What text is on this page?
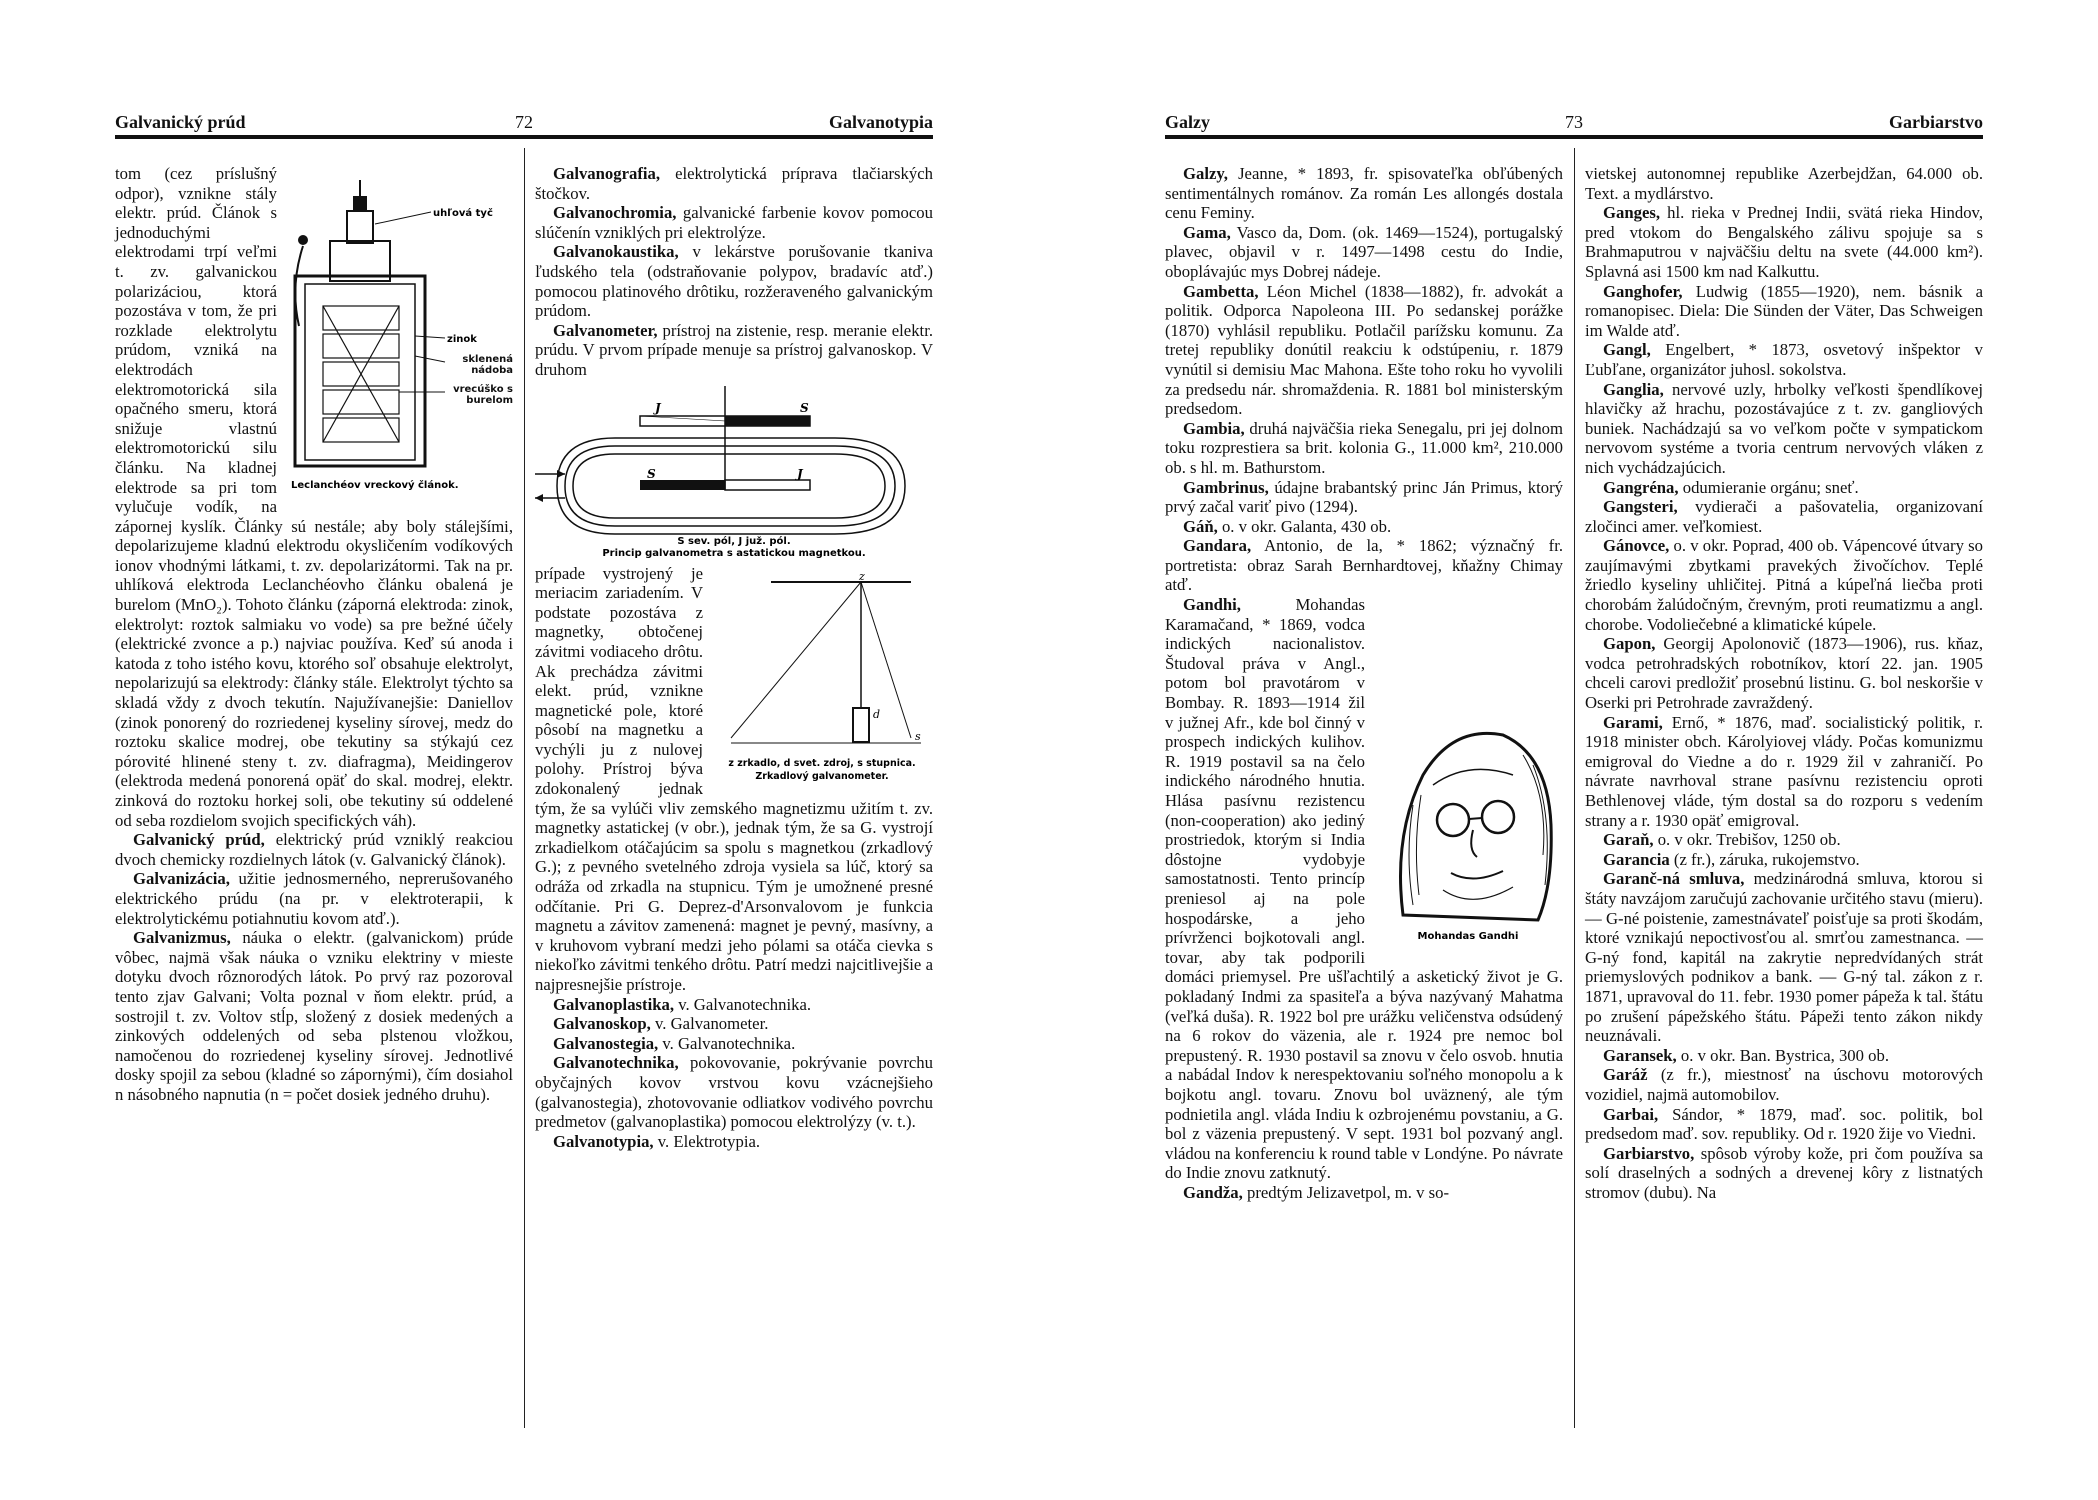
Galvanický prúd	72	Galvanotypia
uhľová tyč
zinok
sklenená nádoba
vrecúško s burelom
Leclanchéov vreckový článok.

tom (cez príslušný odpor), vznikne stály elektr. prúd. Článok s jednoduchými elektrodami trpí veľmi t. zv. galvanickou polarizáciou, ktorá pozostáva v tom, že pri rozklade elektrolytu prúdom, vzniká na elektrodách elektromotorická sila opačného smeru, ktorá snižuje vlastnú elektromotorickú silu článku. Na kladnej elektrode sa pri tom vylučuje vodík, na zápornej kyslík. Články sú nestále; aby boly stálejšími, depolarizujeme kladnú elektrodu okysličením vodíkových ionov vhodnými látkami, t. zv. depolarizátormi. Tak na pr. uhlíková elektroda Leclanchéovho článku obalená je burelom (MnO₂). Tohoto článku (záporná elektroda: zinok, elektrolyt: roztok salmiaku vo vode) sa pre bežné účely (elektrické zvonce a p.) najviac používa. Keď sú anoda i katoda z toho istého kovu, ktorého soľ obsahuje elektrolyt, nepolarizujú sa elektrody: články stále. Elektrolyt týchto sa skladá vždy z dvoch tekutín. Najužívanejšie: Daniellov (zinok ponorený do rozriedenej kyseliny sírovej, medz do roztoku skalice modrej, obe tekutiny sa stýkajú cez pórovité hlinené steny t. zv. diafragma), Meidingerov (elektroda medená ponorená opäť do skal. modrej, elektr. zinková do roztoku horkej soli, obe tekutiny sú oddelené od seba rozdielom svojich specifických váh).

Galvanický prúd, elektrický prúd vzniklý reakciou dvoch chemicky rozdielnych látok (v. Galvanický článok).

Galvanizácia, užitie jednosmerného, neprerušovaného elektrického prúdu (na pr. v elektroterapii, k elektrolytickému potiahnutiu kovom atď.).

Galvanizmus, náuka o elektr. (galvanickom) prúde vôbec, najmä však náuka o vzniku elektriny v mieste dotyku dvoch rôznorodých látok. Po prvý raz pozoroval tento zjav Galvani; Volta poznal v ňom elektr. prúd, a sostrojil t. zv. Voltov stĺp, složený z dosiek medených a zinkových oddelených od seba plstenou vložkou, namočenou do rozriedenej kyseliny sírovej. Jednotlivé dosky spojil za sebou (kladné so zápornými), čím dosiahol n násobného napnutia (n = počet dosiek jedného druhu).

Galvanografia, elektrolytická príprava tlačiarských štočkov.

Galvanochromia, galvanické farbenie kovov pomocou slúčenín vzniklých pri elektrolýze.

Galvanokaustika, v lekárstve porušovanie tkaniva ľudského tela (odstraňovanie polypov, bradavíc atď.) pomocou platinového drôtiku, rozžeraveného galvanickým prúdom.

Galvanometer, prístroj na zistenie, resp. meranie elektr. prúdu. V prvom prípade menuje sa prístroj galvanoskop. V druhom

J	S
S	J
S sev. pól, J juž. pól.
Princip galvanometra s astatickou magnetkou.
z
d
s
z zrkadlo, d svet. zdroj, s stupnica.
Zrkadlový galvanometer.

prípade vystrojený je meriacim zariadením. V podstate pozostáva z magnetky, obtočenej závitmi vodiaceho drôtu. Ak prechádza závitmi elekt. prúd, vznikne magnetické pole, ktoré pôsobí na magnetku a vychýli ju z nulovej polohy. Prístroj býva zdokonalený jednak tým, že sa vylúči vliv zemského magnetizmu užitím t. zv. magnetky astatickej (v obr.), jednak tým, že sa G. vystrojí zrkadielkom otáčajúcim sa spolu s magnetkou (zrkadlový G.); z pevného svetelného zdroja vysiela sa lúč, ktorý sa odráža od zrkadla na stupnicu. Tým je umožnené presné odčítanie. Pri G. Deprez-d'Arsonvalovom je funkcia magnetu a závitov zamenená: magnet je pevný, masívny, a v kruhovom vybraní medzi jeho pólami sa otáča cievka s niekoľko závitmi tenkého drôtu. Patrí medzi najcitlivejšie a najpresnejšie prístroje.

Galvanoplastika, v. Galvanotechnika.

Galvanoskop, v. Galvanometer.

Galvanostegia, v. Galvanotechnika.

Galvanotechnika, pokovovanie, pokrývanie povrchu obyčajných kovov vrstvou kovu vzácnejšieho (galvanostegia), zhotovovanie odliatkov vodivého povrchu predmetov (galvanoplastika) pomocou elektrolýzy (v. t.).

Galvanotypia, v. Elektrotypia.

Galzy	73	Garbiarstvo

Galzy, Jeanne, * 1893, fr. spisovateľka obľúbených sentimentálnych románov. Za román Les allongés dostala cenu Feminy.

Gama, Vasco da, Dom. (ok. 1469—1524), portugalský plavec, objavil v r. 1497—1498 cestu do Indie, oboplávajúc mys Dobrej nádeje.

Gambetta, Léon Michel (1838—1882), fr. advokát a politik. Odporca Napoleona III. Po sedanskej porážke (1870) vyhlásil republiku. Potlačil parížsku komunu. Za tretej republiky donútil reakciu k odstúpeniu, r. 1879 vynútil si demisiu Mac Mahona. Ešte toho roku ho vyvolili za predsedu nár. shromaždenia. R. 1881 bol ministerským predsedom.

Gambia, druhá najväčšia rieka Senegalu, pri jej dolnom toku rozprestiera sa brit. kolonia G., 11.000 km², 210.000 ob. s hl. m. Bathurstom.

Gambrinus, údajne brabantský princ Ján Primus, ktorý prvý začal variť pivo (1294).

Gáň, o. v okr. Galanta, 430 ob.

Gandara, Antonio, de la, * 1862; význačný fr. portretista: obraz Sarah Bernhardtovej, kňažny Chimay atď.

Mohandas Gandhi

Gandhi, Mohandas Karamačand, * 1869, vodca indických nacionalistov. Študoval práva v Angl., potom bol pravotárom v Bombay. R. 1893—1914 žil v južnej Afr., kde bol činný v prospech indických kulihov. R. 1919 postavil sa na čelo indického národného hnutia. Hlása pasívnu rezistencu (non-cooperation) ako jediný prostriedok, ktorým si India dôstojne vydobyje samostatnosti. Tento princíp preniesol aj na pole hospodárske, a jeho prívrženci bojkotovali angl. tovar, aby tak podporili domáci priemysel. Pre ušľachtilý a asketický život je G. pokladaný Indmi za spasiteľa a býva nazývaný Mahatma (veľká duša). R. 1922 bol pre urážku veličenstva odsúdený na 6 rokov do väzenia, ale r. 1924 pre nemoc bol prepustený. R. 1930 postavil sa znovu v čelo osvob. hnutia a nabádal Indov k nerespektovaniu soľného monopolu a k bojkotu angl. tovaru. Znovu bol uväznený, ale tým podnietila angl. vláda Indiu k ozbrojenému povstaniu, a G. bol z väzenia prepustený. V sept. 1931 bol pozvaný angl. vládou na konferenciu k round table v Londýne. Po návrate do Indie znovu zatknutý.

Gandža, predtým Jelizavetpol, m. v so-

vietskej autonomnej republike Azerbejdžan, 64.000 ob. Text. a mydlárstvo.

Ganges, hl. rieka v Prednej Indii, svätá rieka Hindov, pred vtokom do Bengalského zálivu spojuje sa s Brahmaputrou v najväčšiu deltu na svete (44.000 km²). Splavná asi 1500 km nad Kalkuttu.

Ganghofer, Ludwig (1855—1920), nem. básnik a romanopisec. Diela: Die Sünden der Väter, Das Schweigen im Walde atď.

Gangl, Engelbert, * 1873, osvetový inšpektor v Ľubľane, organizátor juhosl. sokolstva.

Ganglia, nervové uzly, hrbolky veľkosti špendlíkovej hlavičky až hrachu, pozostávajúce z t. zv. gangliových buniek. Nachádzajú sa vo veľkom počte v sympatickom nervovom systéme a tvoria centrum nervových vláken z nich vychádzajúcich.

Gangréna, odumieranie orgánu; sneť.

Gangsteri, vydierači a pašovatelia, organizovaní zločinci amer. veľkomiest.

Gánovce, o. v okr. Poprad, 400 ob. Vápencové útvary so zaujímavými zbytkami pravekých živočíchov. Teplé žriedlo kyseliny uhličitej. Pitná a kúpeľná liečba proti chorobám žalúdočným, črevným, proti reumatizmu a angl. chorobe. Vodoliečebné a klimatické kúpele.

Gapon, Georgij Apolonovič (1873—1906), rus. kňaz, vodca petrohradských robotníkov, ktorí 22. jan. 1905 chceli carovi predložiť prosebnú listinu. G. bol neskoršie v Oserki pri Petrohrade zavraždený.

Garami, Ernő, * 1876, maď. socialistický politik, r. 1918 minister obch. Károlyiovej vlády. Počas komunizmu emigroval do Viedne a do r. 1929 žil v zahraničí. Po návrate navrhoval strane pasívnu rezistenciu oproti Bethlenovej vláde, tým dostal sa do rozporu s vedením strany a r. 1930 opäť emigroval.

Garaň, o. v okr. Trebišov, 1250 ob.

Garancia (z fr.), záruka, rukojemstvo.

Garanč-ná smluva, medzinárodná smluva, ktorou si štáty navzájom zaručujú zachovanie určitého stavu (mieru). — G-né poistenie, zamestnávateľ poisťuje sa proti škodám, ktoré vznikajú nepoctivosťou al. smrťou zamestnanca. — G-ný fond, kapitál na zakrytie nepredvídaných strát priemyslových podnikov a bank. — G-ný tal. zákon z r. 1871, upravoval do 11. febr. 1930 pomer pápeža k tal. štátu po zrušení pápežského štátu. Pápeži tento zákon nikdy neuznávali.

Garansek, o. v okr. Ban. Bystrica, 300 ob.

Garáž (z fr.), miestnosť na úschovu motorových vozidiel, najmä automobilov.

Garbai, Sándor, * 1879, maď. soc. politik, bol predsedom maď. sov. republiky. Od r. 1920 žije vo Viedni.

Garbiarstvo, spôsob výroby kože, pri čom používa sa solí draselných a sodných a drevenej kôry z listnatých stromov (dubu). Na
